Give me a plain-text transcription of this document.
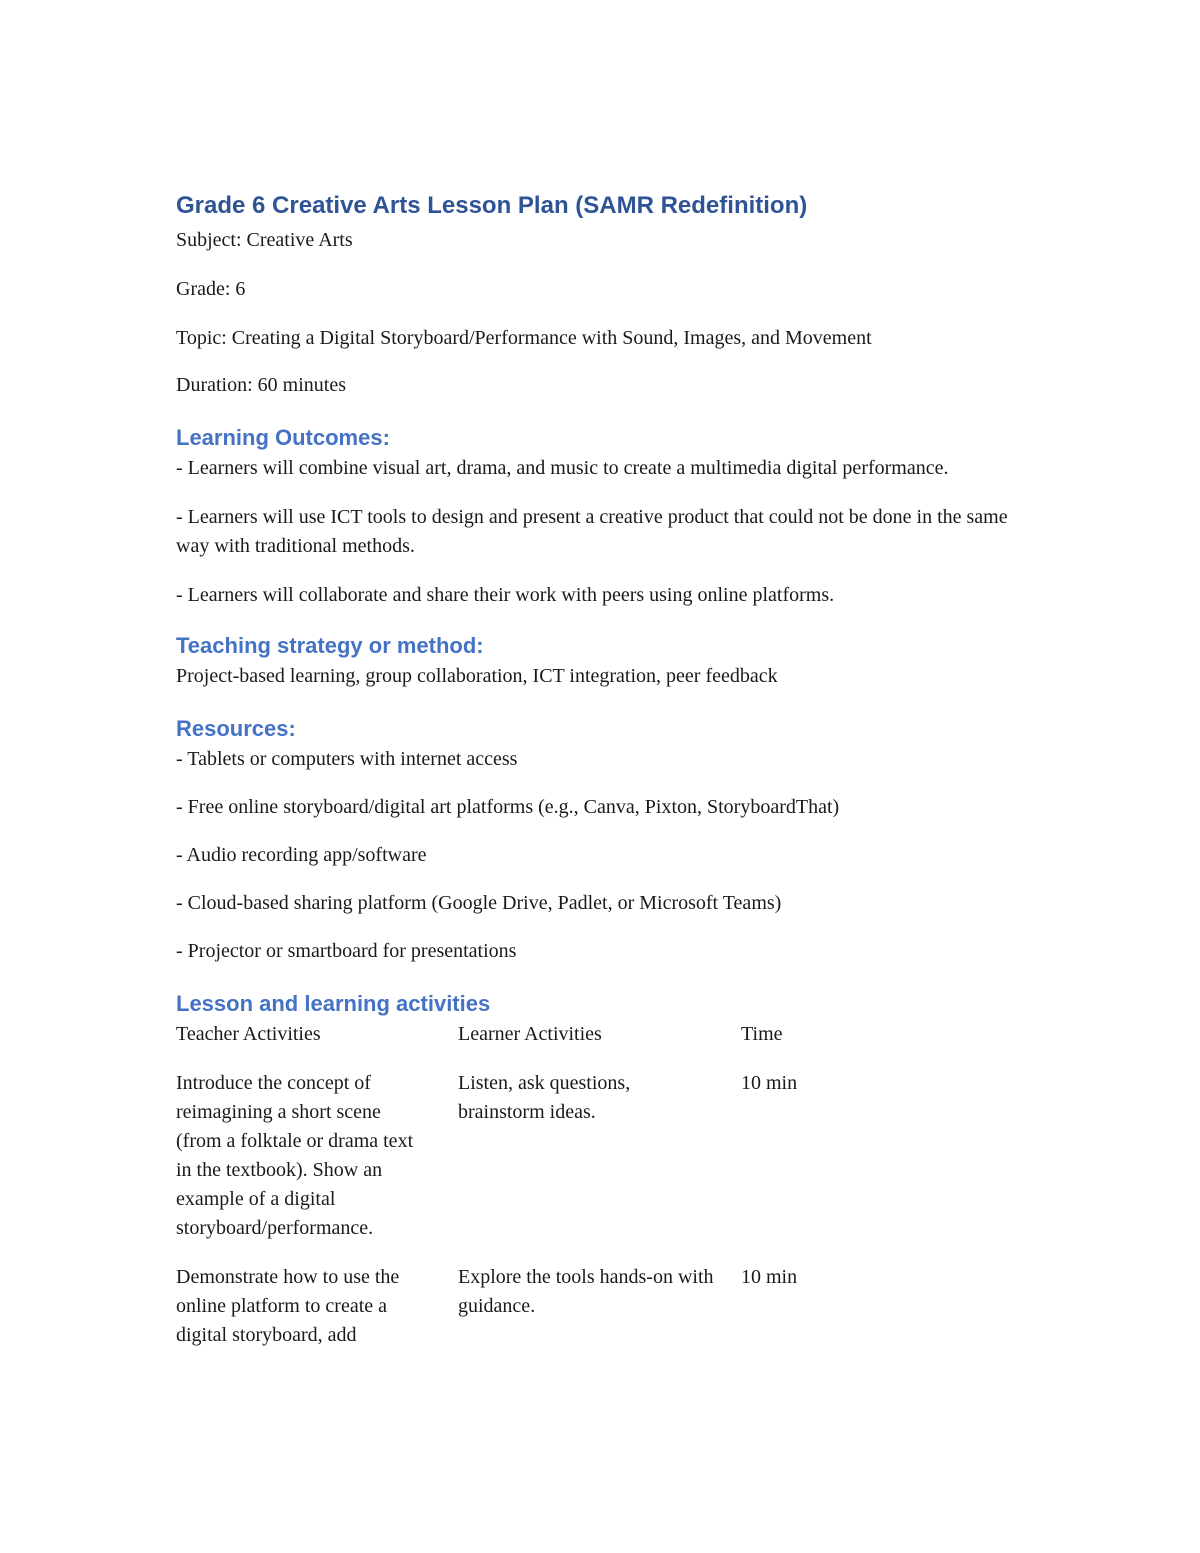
Grade 6 Creative Arts Lesson Plan (SAMR Redefinition)

Subject: Creative Arts

Grade: 6

Topic: Creating a Digital Storyboard/Performance with Sound, Images, and Movement

Duration: 60 minutes

Learning Outcomes:

- Learners will combine visual art, drama, and music to create a multimedia digital performance.

- Learners will use ICT tools to design and present a creative product that could not be done in the same way with traditional methods.

- Learners will collaborate and share their work with peers using online platforms.

Teaching strategy or method:

Project-based learning, group collaboration, ICT integration, peer feedback

Resources:

- Tablets or computers with internet access

- Free online storyboard/digital art platforms (e.g., Canva, Pixton, StoryboardThat)

- Audio recording app/software

- Cloud-based sharing platform (Google Drive, Padlet, or Microsoft Teams)

- Projector or smartboard for presentations

Lesson and learning activities
Teacher Activities	Learner Activities	Time

Introduce the concept of reimagining a short scene (from a folktale or drama text in the textbook). Show an example of a digital storyboard/performance.	Listen, ask questions, brainstorm ideas.	10 min

Demonstrate how to use the online platform to create a digital storyboard, add	Explore the tools hands-on with guidance.	10 min
